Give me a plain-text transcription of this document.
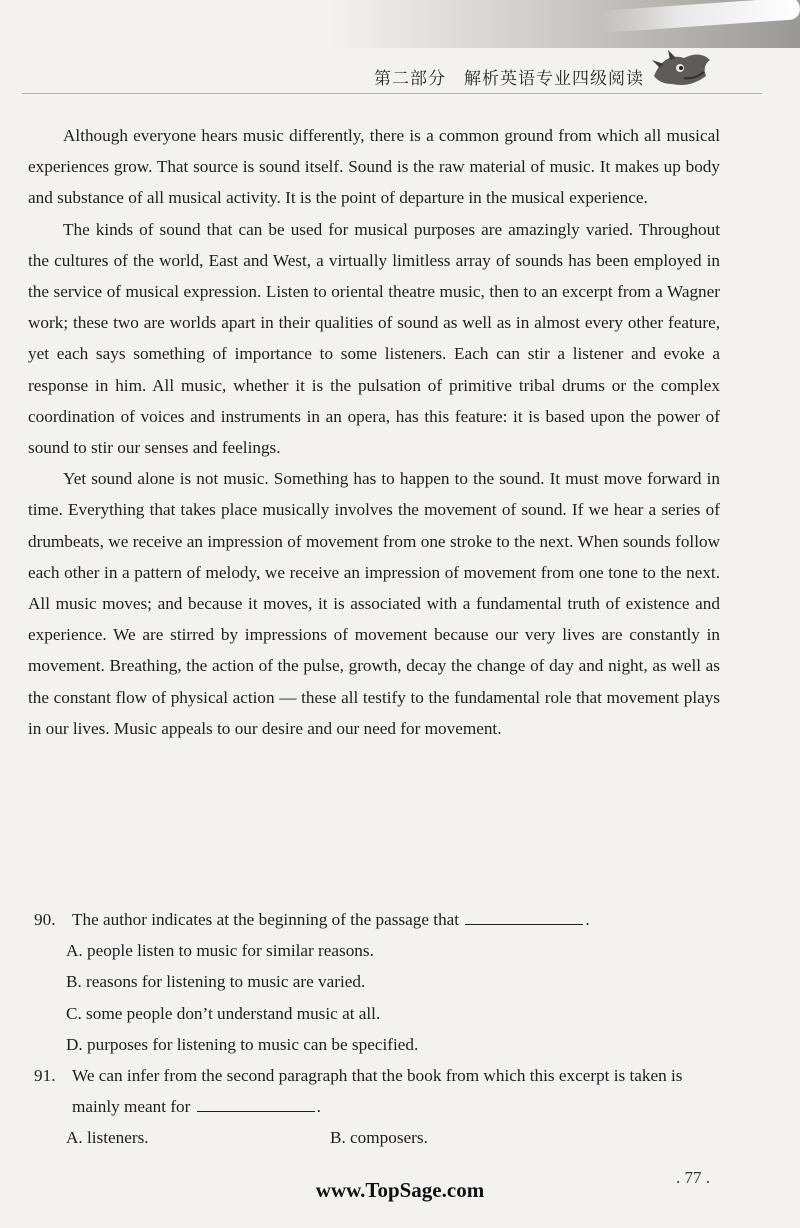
第二部分　解析英语专业四级阅读

Although everyone hears music differently, there is a common ground from which all musical experiences grow. That source is sound itself. Sound is the raw material of music. It makes up body and substance of all musical activity. It is the point of departure in the musical experience.

The kinds of sound that can be used for musical purposes are amazingly varied. Throughout the cultures of the world, East and West, a virtually limitless array of sounds has been employed in the service of musical expression. Listen to oriental theatre music, then to an excerpt from a Wagner work; these two are worlds apart in their qualities of sound as well as in almost every other feature, yet each says something of importance to some listeners. Each can stir a listener and evoke a response in him. All music, whether it is the pulsation of primitive tribal drums or the complex coordination of voices and instruments in an opera, has this feature: it is based upon the power of sound to stir our senses and feelings.

Yet sound alone is not music. Something has to happen to the sound. It must move forward in time. Everything that takes place musically involves the movement of sound. If we hear a series of drumbeats, we receive an impression of movement from one stroke to the next. When sounds follow each other in a pattern of melody, we receive an impression of movement from one tone to the next. All music moves; and because it moves, it is associated with a fundamental truth of existence and experience. We are stirred by impressions of movement because our very lives are constantly in movement. Breathing, the action of the pulse, growth, decay the change of day and night, as well as the constant flow of physical action — these all testify to the fundamental role that movement plays in our lives. Music appeals to our desire and our need for movement.

90. The author indicates at the beginning of the passage that	.
A. people listen to music for similar reasons.
B. reasons for listening to music are varied.
C. some people don’t understand music at all.
D. purposes for listening to music can be specified.
91. We can infer from the second paragraph that the book from which this excerpt is taken is mainly meant for	.
A. listeners.	B. composers.
. 77 .
www.TopSage.com
